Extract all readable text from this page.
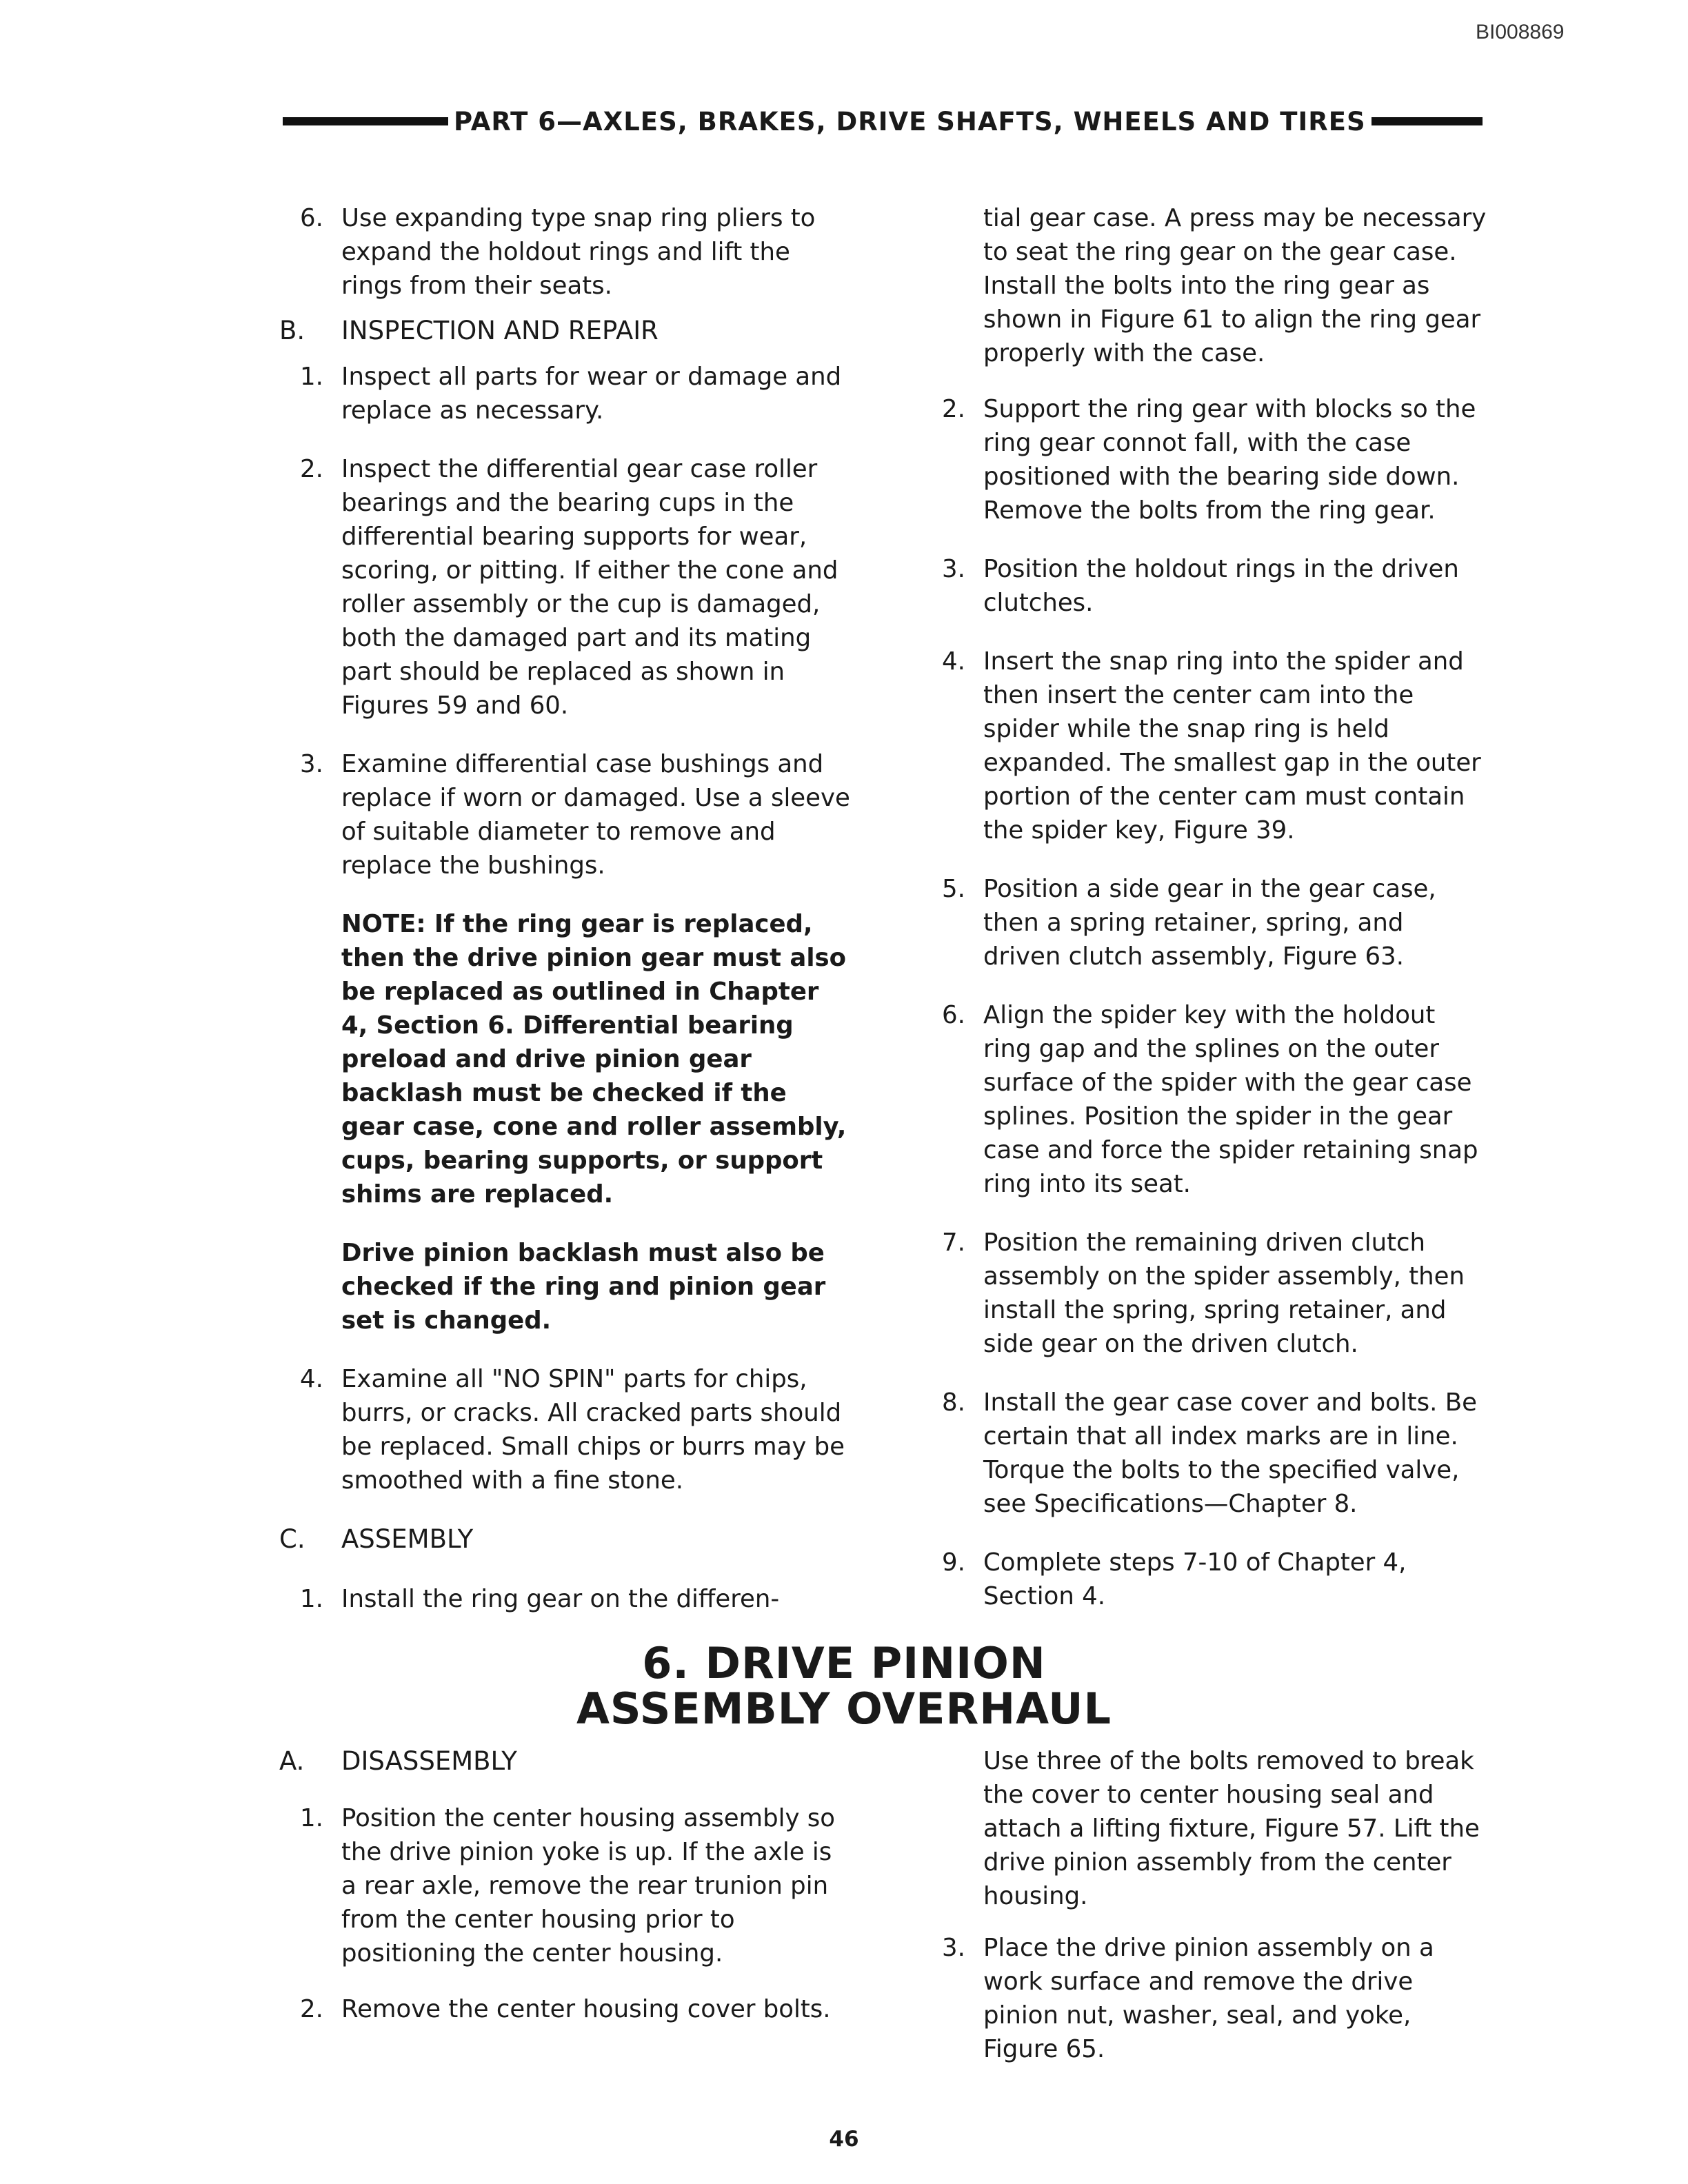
BI008869
PART 6—AXLES, BRAKES, DRIVE SHAFTS, WHEELS AND TIRES

6. Use expanding type snap ring pliers to expand the holdout rings and lift the rings from their seats.

B. INSPECTION AND REPAIR

1. Inspect all parts for wear or damage and replace as necessary.

2. Inspect the differential gear case roller bearings and the bearing cups in the differential bearing supports for wear, scoring, or pitting. If either the cone and roller assembly or the cup is damaged, both the damaged part and its mating part should be replaced as shown in Figures 59 and 60.

3. Examine differential case bushings and replace if worn or damaged. Use a sleeve of suitable diameter to remove and replace the bushings.

NOTE: If the ring gear is replaced, then the drive pinion gear must also be replaced as outlined in Chapter 4, Section 6. Differential bearing preload and drive pinion gear backlash must be checked if the gear case, cone and roller assembly, cups, bearing supports, or support shims are replaced.

Drive pinion backlash must also be checked if the ring and pinion gear set is changed.

4. Examine all "NO SPIN" parts for chips, burrs, or cracks. All cracked parts should be replaced. Small chips or burrs may be smoothed with a fine stone.

C. ASSEMBLY

1. Install the ring gear on the differen-

tial gear case. A press may be necessary to seat the ring gear on the gear case. Install the bolts into the ring gear as shown in Figure 61 to align the ring gear properly with the case.

2. Support the ring gear with blocks so the ring gear connot fall, with the case positioned with the bearing side down. Remove the bolts from the ring gear.

3. Position the holdout rings in the driven clutches.

4. Insert the snap ring into the spider and then insert the center cam into the spider while the snap ring is held expanded. The smallest gap in the outer portion of the center cam must contain the spider key, Figure 39.

5. Position a side gear in the gear case, then a spring retainer, spring, and driven clutch assembly, Figure 63.

6. Align the spider key with the holdout ring gap and the splines on the outer surface of the spider with the gear case splines. Position the spider in the gear case and force the spider retaining snap ring into its seat.

7. Position the remaining driven clutch assembly on the spider assembly, then install the spring, spring retainer, and side gear on the driven clutch.

8. Install the gear case cover and bolts. Be certain that all index marks are in line. Torque the bolts to the specified valve, see Specifications—Chapter 8.

9. Complete steps 7-10 of Chapter 4, Section 4.

6. DRIVE PINION
ASSEMBLY OVERHAUL
A. DISASSEMBLY

1. Position the center housing assembly so the drive pinion yoke is up. If the axle is a rear axle, remove the rear trunion pin from the center housing prior to positioning the center housing.

2. Remove the center housing cover bolts.

Use three of the bolts removed to break the cover to center housing seal and attach a lifting fixture, Figure 57. Lift the drive pinion assembly from the center housing.

3. Place the drive pinion assembly on a work surface and remove the drive pinion nut, washer, seal, and yoke, Figure 65.

46
